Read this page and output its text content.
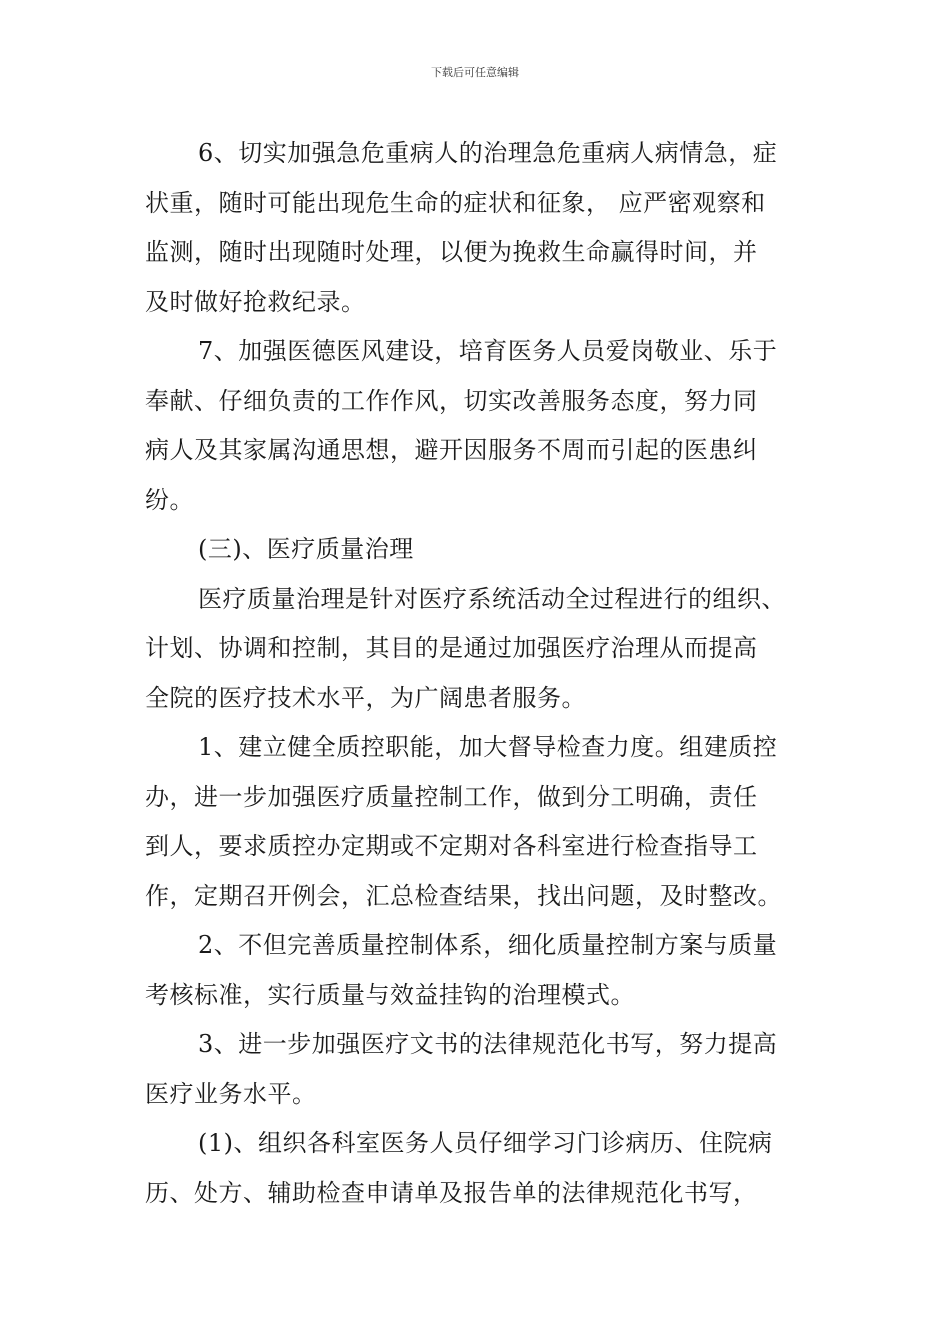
下载后可任意编辑

6、切实加强急危重病人的治理急危重病人病情急，症

状重，随时可能出现危生命的症状和征象， 应严密观察和

监测，随时出现随时处理，以便为挽救生命赢得时间，并

及时做好抢救纪录。

7、加强医德医风建设，培育医务人员爱岗敬业、乐于

奉献、仔细负责的工作作风，切实改善服务态度，努力同

病人及其家属沟通思想，避开因服务不周而引起的医患纠

纷。

(三)、医疗质量治理

医疗质量治理是针对医疗系统活动全过程进行的组织、

计划、协调和控制，其目的是通过加强医疗治理从而提高

全院的医疗技术水平，为广阔患者服务。

1、建立健全质控职能，加大督导检查力度。组建质控

办，进一步加强医疗质量控制工作，做到分工明确，责任

到人，要求质控办定期或不定期对各科室进行检查指导工

作，定期召开例会，汇总检查结果，找出问题，及时整改。

2、不但完善质量控制体系，细化质量控制方案与质量

考核标准，实行质量与效益挂钩的治理模式。

3、进一步加强医疗文书的法律规范化书写，努力提高

医疗业务水平。

(1)、组织各科室医务人员仔细学习门诊病历、住院病

历、处方、辅助检查申请单及报告单的法律规范化书写，
